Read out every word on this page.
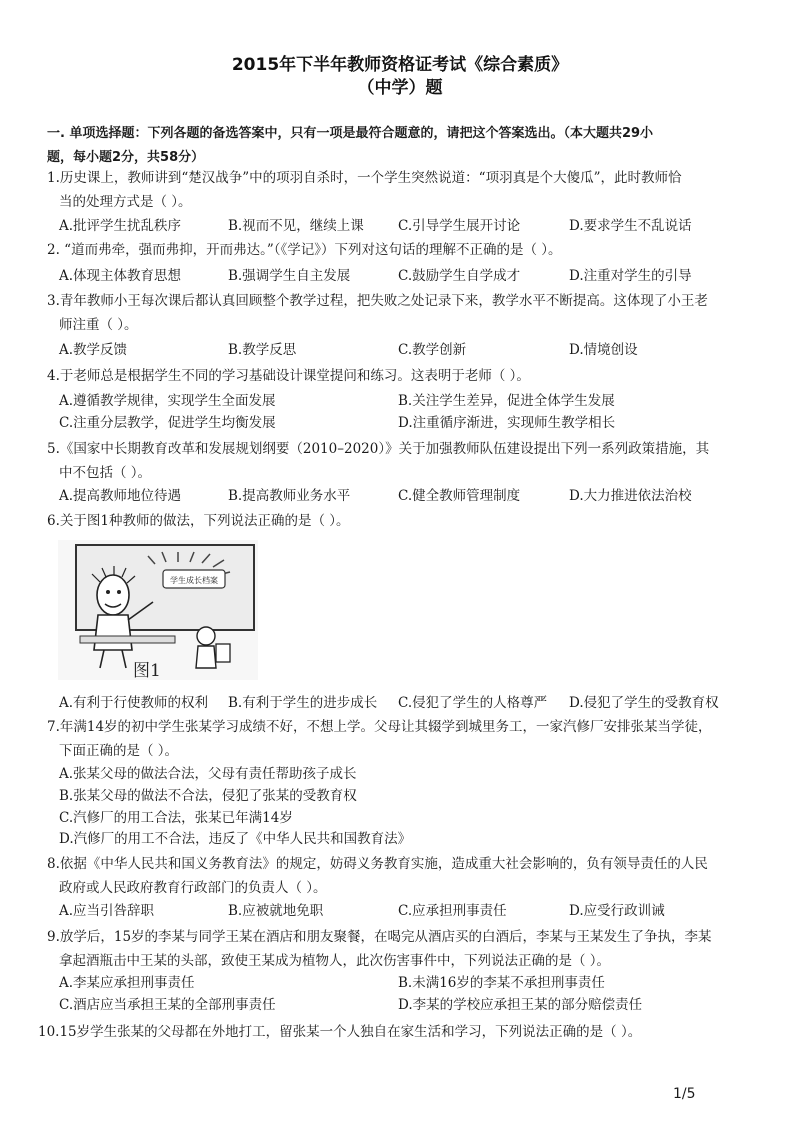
2015年下半年教师资格证考试《综合素质》
（中学）题
一. 单项选择题：下列各题的备选答案中，只有一项是最符合题意的，请把这个答案选出。（本大题共29小
题，每小题2分，共58分）
1.历史课上，教师讲到“楚汉战争”中的项羽自杀时，一个学生突然说道：“项羽真是个大傻瓜”，此时教师恰
当的处理方式是（ ）。
A.批评学生扰乱秩序	B.视而不见，继续上课	C.引导学生展开讨论	D.要求学生不乱说话
2. “道而弗牵，强而弗抑，开而弗达。”（《学记》）下列对这句话的理解不正确的是（ ）。
A.体现主体教育思想	B.强调学生自主发展	C.鼓励学生自学成才	D.注重对学生的引导
3.青年教师小王每次课后都认真回顾整个教学过程，把失败之处记录下来，教学水平不断提高。这体现了小王老
师注重（ ）。
A.教学反馈	B.教学反思	C.教学创新	D.情境创设
4.于老师总是根据学生不同的学习基础设计课堂提问和练习。这表明于老师（ ）。
A.遵循教学规律，实现学生全面发展	B.关注学生差异，促进全体学生发展
C.注重分层教学，促进学生均衡发展	D.注重循序渐进，实现师生教学相长
5.《国家中长期教育改革和发展规划纲要（2010–2020）》关于加强教师队伍建设提出下列一系列政策措施，其
中不包括（ ）。
A.提高教师地位待遇	B.提高教师业务水平	C.健全教师管理制度	D.大力推进依法治校
6.关于图1种教师的做法，下列说法正确的是（ ）。
学生成长档案
图1
A.有利于行使教师的权利 B.有利于学生的进步成长 C.侵犯了学生的人格尊严 D.侵犯了学生的受教育权
7.年满14岁的初中学生张某学习成绩不好，不想上学。父母让其辍学到城里务工，一家汽修厂安排张某当学徒，
下面正确的是（ ）。
A.张某父母的做法合法，父母有责任帮助孩子成长
B.张某父母的做法不合法，侵犯了张某的受教育权
C.汽修厂的用工合法，张某已年满14岁
D.汽修厂的用工不合法，违反了《中华人民共和国教育法》
8.依据《中华人民共和国义务教育法》的规定，妨碍义务教育实施，造成重大社会影响的，负有领导责任的人民
政府或人民政府教育行政部门的负责人（ ）。
A.应当引咎辞职	B.应被就地免职	C.应承担刑事责任	D.应受行政训诫
9.放学后，15岁的李某与同学王某在酒店和朋友聚餐，在喝完从酒店买的白酒后，李某与王某发生了争执，李某
拿起酒瓶击中王某的头部，致使王某成为植物人，此次伤害事件中，下列说法正确的是（ ）。
A.李某应承担刑事责任	B.未满16岁的李某不承担刑事责任
C.酒店应当承担王某的全部刑事责任	D.李某的学校应承担王某的部分赔偿责任
10.15岁学生张某的父母都在外地打工，留张某一个人独自在家生活和学习，下列说法正确的是（ ）。
1/5
